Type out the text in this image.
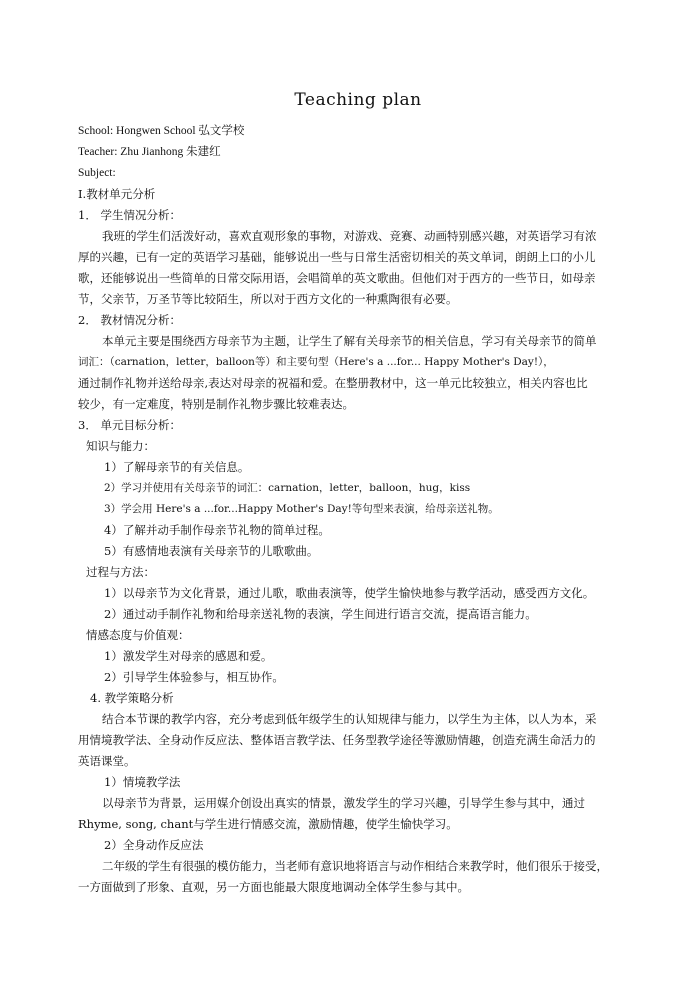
Teaching plan
School: Hongwen School 弘文学校
Teacher: Zhu Jianhong 朱建红
Subject:
Ⅰ.教材单元分析
1． 学生情况分析：
我班的学生们活泼好动，喜欢直观形象的事物，对游戏、竞赛、动画特别感兴趣，对英语学习有浓
厚的兴趣，已有一定的英语学习基础，能够说出一些与日常生活密切相关的英文单词，朗朗上口的小儿
歌，还能够说出一些简单的日常交际用语，会唱简单的英文歌曲。但他们对于西方的一些节日，如母亲
节，父亲节，万圣节等比较陌生，所以对于西方文化的一种熏陶很有必要。
2． 教材情况分析：
本单元主要是围绕西方母亲节为主题，让学生了解有关母亲节的相关信息，学习有关母亲节的简单
词汇：（carnation，letter，balloon等）和主要句型（Here's a ...for... Happy Mother's Day!），
通过制作礼物并送给母亲,表达对母亲的祝福和爱。在整册教材中，这一单元比较独立，相关内容也比
较少，有一定难度，特别是制作礼物步骤比较难表达。
3． 单元目标分析：
知识与能力：
1）了解母亲节的有关信息。
2）学习并使用有关母亲节的词汇：carnation，letter，balloon，hug，kiss
3）学会用 Here's a ...for...Happy Mother's Day!等句型来表演，给母亲送礼物。
4）了解并动手制作母亲节礼物的简单过程。
5）有感情地表演有关母亲节的儿歌歌曲。
过程与方法：
1）以母亲节为文化背景，通过儿歌，歌曲表演等，使学生愉快地参与教学活动，感受西方文化。
2）通过动手制作礼物和给母亲送礼物的表演，学生间进行语言交流，提高语言能力。
情感态度与价值观：
1）激发学生对母亲的感恩和爱。
2）引导学生体验参与，相互协作。
4. 教学策略分析
结合本节课的教学内容，充分考虑到低年级学生的认知规律与能力，以学生为主体，以人为本，采
用情境教学法、全身动作反应法、整体语言教学法、任务型教学途径等激励情趣，创造充满生命活力的
英语课堂。
1）情境教学法
以母亲节为背景，运用媒介创设出真实的情景，激发学生的学习兴趣，引导学生参与其中，通过
Rhyme, song, chant与学生进行情感交流，激励情趣，使学生愉快学习。
2）全身动作反应法
二年级的学生有很强的模仿能力，当老师有意识地将语言与动作相结合来教学时，他们很乐于接受，
一方面做到了形象、直观，另一方面也能最大限度地调动全体学生参与其中。
